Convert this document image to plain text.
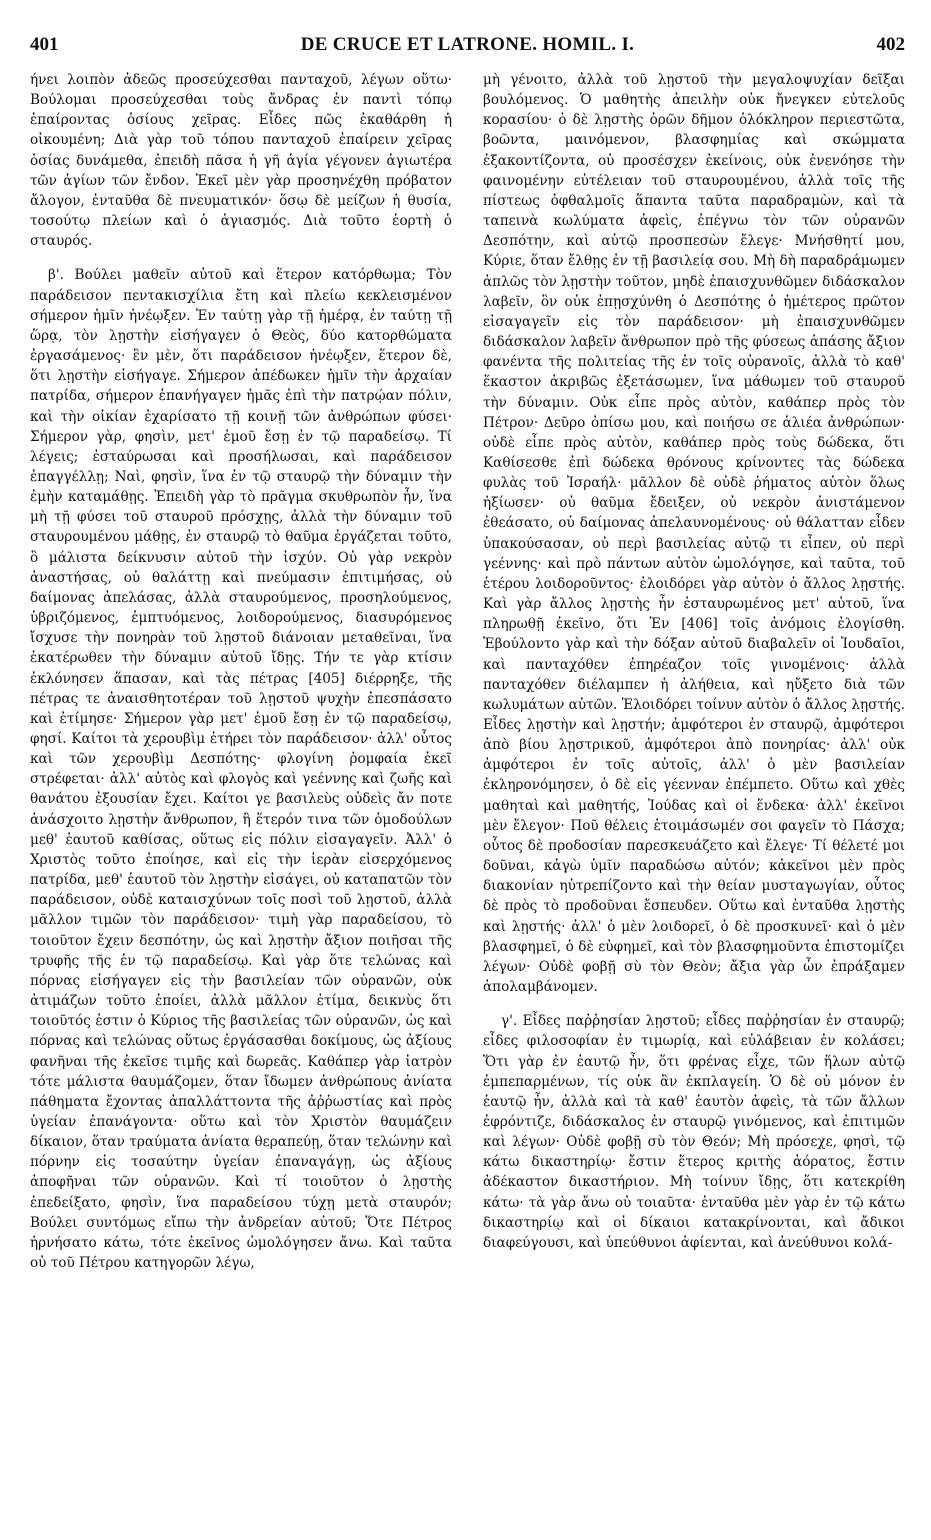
401	DE CRUCE ET LATRONE. HOMIL. I.	402

ήνει λοιπὸν ἀδεῶς προσεύχεσθαι πανταχοῦ, λέγων οὕτω· Βούλομαι προσεύχεσθαι τοὺς ἄνδρας ἐν παντὶ τόπῳ ἐπαίροντας ὁσίους χεῖρας. Εἶδες πῶς ἐκαθάρθη ἡ οἰκουμένη; Διὰ γὰρ τοῦ τόπου πανταχοῦ ἐπαίρειν χεῖρας ὁσίας δυνάμεθα, ἐπειδὴ πᾶσα ἡ γῆ ἁγία γέγονεν ἁγιωτέρα τῶν ἁγίων τῶν ἔνδον. Ἐκεῖ μὲν γὰρ προσηνέχθη πρόβατον ἄλογον, ἐνταῦθα δὲ πνευματικόν· ὅσῳ δὲ μείζων ἡ θυσία, τοσούτῳ πλείων καὶ ὁ ἁγιασμός. Διὰ τοῦτο ἑορτὴ ὁ σταυρός.

β'. Βούλει μαθεῖν αὐτοῦ καὶ ἕτερον κατόρθωμα; Τὸν παράδεισον πεντακισχίλια ἔτη καὶ πλείω κεκλεισμένον σήμερον ἡμῖν ἠνέῳξεν. Ἐν ταύτῃ γὰρ τῇ ἡμέρᾳ, ἐν ταύτῃ τῇ ὥρᾳ, τὸν λῃστὴν εἰσήγαγεν ὁ Θεὸς, δύο κατορθώματα ἐργασάμενος· ἓν μὲν, ὅτι παράδεισον ἠνέῳξεν, ἕτερον δὲ, ὅτι λῃστὴν εἰσήγαγε. Σήμερον ἀπέδωκεν ἡμῖν τὴν ἀρχαίαν πατρίδα, σήμερον ἐπανήγαγεν ἡμᾶς ἐπὶ τὴν πατρῴαν πόλιν, καὶ τὴν οἰκίαν ἐχαρίσατο τῇ κοινῇ τῶν ἀνθρώπων φύσει· Σήμερον γὰρ, φησὶν, μετ' ἐμοῦ ἔσῃ ἐν τῷ παραδείσῳ. Τί λέγεις; ἐσταύρωσαι καὶ προσήλωσαι, καὶ παράδεισον ἐπαγγέλλῃ; Ναὶ, φησὶν, ἵνα ἐν τῷ σταυρῷ τὴν δύναμιν τὴν ἐμὴν καταμάθῃς. Ἐπειδὴ γὰρ τὸ πρᾶγμα σκυθρωπὸν ἦν, ἵνα μὴ τῇ φύσει τοῦ σταυροῦ πρόσχῃς, ἀλλὰ τὴν δύναμιν τοῦ σταυρουμένου μάθῃς, ἐν σταυρῷ τὸ θαῦμα ἐργάζεται τοῦτο, ὃ μάλιστα δείκνυσιν αὐτοῦ τὴν ἰσχύν. Οὐ γὰρ νεκρὸν ἀναστήσας, οὐ θαλάττῃ καὶ πνεύμασιν ἐπιτιμήσας, οὐ δαίμονας ἀπελάσας, ἀλλὰ σταυρούμενος, προσηλούμενος, ὑβριζόμενος, ἐμπτυόμενος, λοιδορούμενος, διασυρόμενος ἴσχυσε τὴν πονηρὰν τοῦ λῃστοῦ διάνοιαν μεταθεῖναι, ἵνα ἑκατέρωθεν τὴν δύναμιν αὐτοῦ ἴδῃς. Τήν τε γὰρ κτίσιν ἐκλόνησεν ἅπασαν, καὶ τὰς πέτρας [405] διέρρηξε, τῆς πέτρας τε ἀναισθητοτέραν τοῦ λῃστοῦ ψυχὴν ἐπεσπάσατο καὶ ἐτίμησε· Σήμερον γὰρ μετ' ἐμοῦ ἔσῃ ἐν τῷ παραδείσῳ, φησί. Καίτοι τὰ χερουβὶμ ἐτήρει τὸν παράδεισον· ἀλλ' οὗτος καὶ τῶν χερουβὶμ Δεσπότης· φλογίνη ῥομφαία ἐκεῖ στρέφεται· ἀλλ' αὐτὸς καὶ φλογὸς καὶ γεέννης καὶ ζωῆς καὶ θανάτου ἐξουσίαν ἔχει. Καίτοι γε βασιλεὺς οὐδεὶς ἄν ποτε ἀνάσχοιτο λῃστὴν ἄνθρωπον, ἢ ἕτερόν τινα τῶν ὁμοδούλων μεθ' ἑαυτοῦ καθίσας, οὕτως εἰς πόλιν εἰσαγαγεῖν. Ἀλλ' ὁ Χριστὸς τοῦτο ἐποίησε, καὶ εἰς τὴν ἱερὰν εἰσερχόμενος πατρίδα, μεθ' ἑαυτοῦ τὸν λῃστὴν εἰσάγει, οὐ καταπατῶν τὸν παράδεισον, οὐδὲ καταισχύνων τοῖς ποσὶ τοῦ λῃστοῦ, ἀλλὰ μᾶλλον τιμῶν τὸν παράδεισον· τιμὴ γὰρ παραδείσου, τὸ τοιοῦτον ἔχειν δεσπότην, ὡς καὶ λῃστὴν ἄξιον ποιῆσαι τῆς τρυφῆς τῆς ἐν τῷ παραδείσῳ. Καὶ γὰρ ὅτε τελώνας καὶ πόρνας εἰσήγαγεν εἰς τὴν βασιλείαν τῶν οὐρανῶν, οὐκ ἀτιμάζων τοῦτο ἐποίει, ἀλλὰ μᾶλλον ἐτίμα, δεικνὺς ὅτι τοιοῦτός ἐστιν ὁ Κύριος τῆς βασιλείας τῶν οὐρανῶν, ὡς καὶ πόρνας καὶ τελώνας οὕτως ἐργάσασθαι δοκίμους, ὡς ἀξίους φανῆναι τῆς ἐκεῖσε τιμῆς καὶ δωρεᾶς. Καθάπερ γὰρ ἰατρὸν τότε μάλιστα θαυμάζομεν, ὅταν ἴδωμεν ἀνθρώπους ἀνίατα πάθηματα ἔχοντας ἀπαλλάττοντα τῆς ἀῤῥωστίας καὶ πρὸς ὑγείαν ἐπανάγοντα· οὕτω καὶ τὸν Χριστὸν θαυμάζειν δίκαιον, ὅταν τραύματα ἀνίατα θεραπεύῃ, ὅταν τελώνην καὶ πόρνην εἰς τοσαύτην ὑγείαν ἐπαναγάγῃ, ὡς ἀξίους ἀποφῆναι τῶν οὐρανῶν. Καὶ τί τοιοῦτον ὁ λῃστὴς ἐπεδείξατο, φησὶν, ἵνα παραδείσου τύχῃ μετὰ σταυρόν; Βούλει συντόμως εἴπω τὴν ἀνδρείαν αὐτοῦ; Ὅτε Πέτρος ἠρνήσατο κάτω, τότε ἐκεῖνος ὡμολόγησεν ἄνω. Καὶ ταῦτα οὐ τοῦ Πέτρου κατηγορῶν λέγω,

μὴ γένοιτο, ἀλλὰ τοῦ λῃστοῦ τὴν μεγαλοψυχίαν δεῖξαι βουλόμενος. Ὁ μαθητὴς ἀπειλὴν οὐκ ἤνεγκεν εὐτελοῦς κορασίου· ὁ δὲ λῃστὴς ὁρῶν δῆμον ὁλόκληρον περιεστῶτα, βοῶντα, μαινόμενον, βλασφημίας καὶ σκώμματα ἐξακοντίζοντα, οὐ προσέσχεν ἐκείνοις, οὐκ ἐνενόησε τὴν φαινομένην εὐτέλειαν τοῦ σταυρουμένου, ἀλλὰ τοῖς τῆς πίστεως ὀφθαλμοῖς ἅπαντα ταῦτα παραδραμὼν, καὶ τὰ ταπεινὰ κωλύματα ἀφεὶς, ἐπέγνω τὸν τῶν οὐρανῶν Δεσπότην, καὶ αὐτῷ προσπεσὼν ἔλεγε· Μνήσθητί μου, Κύριε, ὅταν ἔλθῃς ἐν τῇ βασιλείᾳ σου. Μὴ δὴ παραδράμωμεν ἁπλῶς τὸν λῃστὴν τοῦτον, μηδὲ ἐπαισχυνθῶμεν διδάσκαλον λαβεῖν, ὃν οὐκ ἐπῃσχύνθη ὁ Δεσπότης ὁ ἡμέτερος πρῶτον εἰσαγαγεῖν εἰς τὸν παράδεισον· μὴ ἐπαισχυνθῶμεν διδάσκαλον λαβεῖν ἄνθρωπον πρὸ τῆς φύσεως ἁπάσης ἄξιον φανέντα τῆς πολιτείας τῆς ἐν τοῖς οὐρανοῖς, ἀλλὰ τὸ καθ' ἕκαστον ἀκριβῶς ἐξετάσωμεν, ἵνα μάθωμεν τοῦ σταυροῦ τὴν δύναμιν. Οὐκ εἶπε πρὸς αὐτὸν, καθάπερ πρὸς τὸν Πέτρον· Δεῦρο ὀπίσω μου, καὶ ποιήσω σε ἁλιέα ἀνθρώπων· οὐδὲ εἶπε πρὸς αὐτὸν, καθάπερ πρὸς τοὺς δώδεκα, ὅτι Καθίσεσθε ἐπὶ δώδεκα θρόνους κρίνοντες τὰς δώδεκα φυλὰς τοῦ Ἰσραήλ· μᾶλλον δὲ οὐδὲ ῥήματος αὐτὸν ὅλως ἠξίωσεν· οὐ θαῦμα ἔδειξεν, οὐ νεκρὸν ἀνιστάμενον ἐθεάσατο, οὐ δαίμονας ἀπελαυνομένους· οὐ θάλατταν εἶδεν ὑπακούσασαν, οὐ περὶ βασιλείας αὐτῷ τι εἶπεν, οὐ περὶ γεέννης· καὶ πρὸ πάντων αὐτὸν ὡμολόγησε, καὶ ταῦτα, τοῦ ἑτέρου λοιδοροῦντος· ἐλοιδόρει γὰρ αὐτὸν ὁ ἄλλος λῃστής. Καὶ γὰρ ἄλλος λῃστὴς ἦν ἐσταυρωμένος μετ' αὐτοῦ, ἵνα πληρωθῇ ἐκεῖνο, ὅτι Ἐν [406] τοῖς ἀνόμοις ἐλογίσθη. Ἐβούλοντο γὰρ καὶ τὴν δόξαν αὐτοῦ διαβαλεῖν οἱ Ἰουδαῖοι, καὶ πανταχόθεν ἐπηρέαζον τοῖς γινομένοις· ἀλλὰ πανταχόθεν διέλαμπεν ἡ ἀλήθεια, καὶ ηὔξετο διὰ τῶν κωλυμάτων αὐτῶν. Ἐλοιδόρει τοίνυν αὐτὸν ὁ ἄλλος λῃστής. Εἶδες λῃστὴν καὶ λῃστήν; ἀμφότεροι ἐν σταυρῷ, ἀμφότεροι ἀπὸ βίου λῃστρικοῦ, ἀμφότεροι ἀπὸ πονηρίας· ἀλλ' οὐκ ἀμφότεροι ἐν τοῖς αὐτοῖς, ἀλλ' ὁ μὲν βασιλείαν ἐκληρονόμησεν, ὁ δὲ εἰς γέενναν ἐπέμπετο. Οὕτω καὶ χθὲς μαθηταὶ καὶ μαθητής, Ἰούδας καὶ οἱ ἕνδεκα· ἀλλ' ἐκεῖνοι μὲν ἔλεγον· Ποῦ θέλεις ἑτοιμάσωμέν σοι φαγεῖν τὸ Πάσχα; οὗτος δὲ προδοσίαν παρεσκευάζετο καὶ ἔλεγε· Τί θέλετέ μοι δοῦναι, κἀγὼ ὑμῖν παραδώσω αὐτόν; κἀκεῖνοι μὲν πρὸς διακονίαν ηὐτρεπίζοντο καὶ τὴν θείαν μυσταγωγίαν, οὗτος δὲ πρὸς τὸ προδοῦναι ἔσπευδεν. Οὕτω καὶ ἐνταῦθα λῃστὴς καὶ λῃστής· ἀλλ' ὁ μὲν λοιδορεῖ, ὁ δὲ προσκυνεῖ· καὶ ὁ μὲν βλασφημεῖ, ὁ δὲ εὐφημεῖ, καὶ τὸν βλασφημοῦντα ἐπιστομίζει λέγων· Οὐδὲ φοβῇ σὺ τὸν Θεὸν; ἄξια γὰρ ὧν ἐπράξαμεν ἀπολαμβάνομεν.

γ'. Εἶδες παῤῥησίαν λῃστοῦ; εἶδες παῤῥησίαν ἐν σταυρῷ; εἶδες φιλοσοφίαν ἐν τιμωρίᾳ, καὶ εὐλάβειαν ἐν κολάσει; Ὅτι γὰρ ἐν ἑαυτῷ ἦν, ὅτι φρένας εἶχε, τῶν ἥλων αὐτῷ ἐμπεπαρμένων, τίς οὐκ ἂν ἐκπλαγείη. Ὁ δὲ οὐ μόνον ἐν ἑαυτῷ ἦν, ἀλλὰ καὶ τὰ καθ' ἑαυτὸν ἀφεὶς, τὰ τῶν ἄλλων ἐφρόντιζε, διδάσκαλος ἐν σταυρῷ γινόμενος, καὶ ἐπιτιμῶν καὶ λέγων· Οὐδὲ φοβῇ σὺ τὸν Θεόν; Μὴ πρόσεχε, φησὶ, τῷ κάτω δικαστηρίῳ· ἔστιν ἕτερος κριτὴς ἀόρατος, ἔστιν ἀδέκαστον δικαστήριον. Μὴ τοίνυν ἴδῃς, ὅτι κατεκρίθη κάτω· τὰ γὰρ ἄνω οὐ τοιαῦτα· ἐνταῦθα μὲν γὰρ ἐν τῷ κάτω δικαστηρίῳ καὶ οἱ δίκαιοι κατακρίνονται, καὶ ἄδικοι διαφεύγουσι, καὶ ὑπεύθυνοι ἀφίενται, καὶ ἀνεύθυνοι κολά-
